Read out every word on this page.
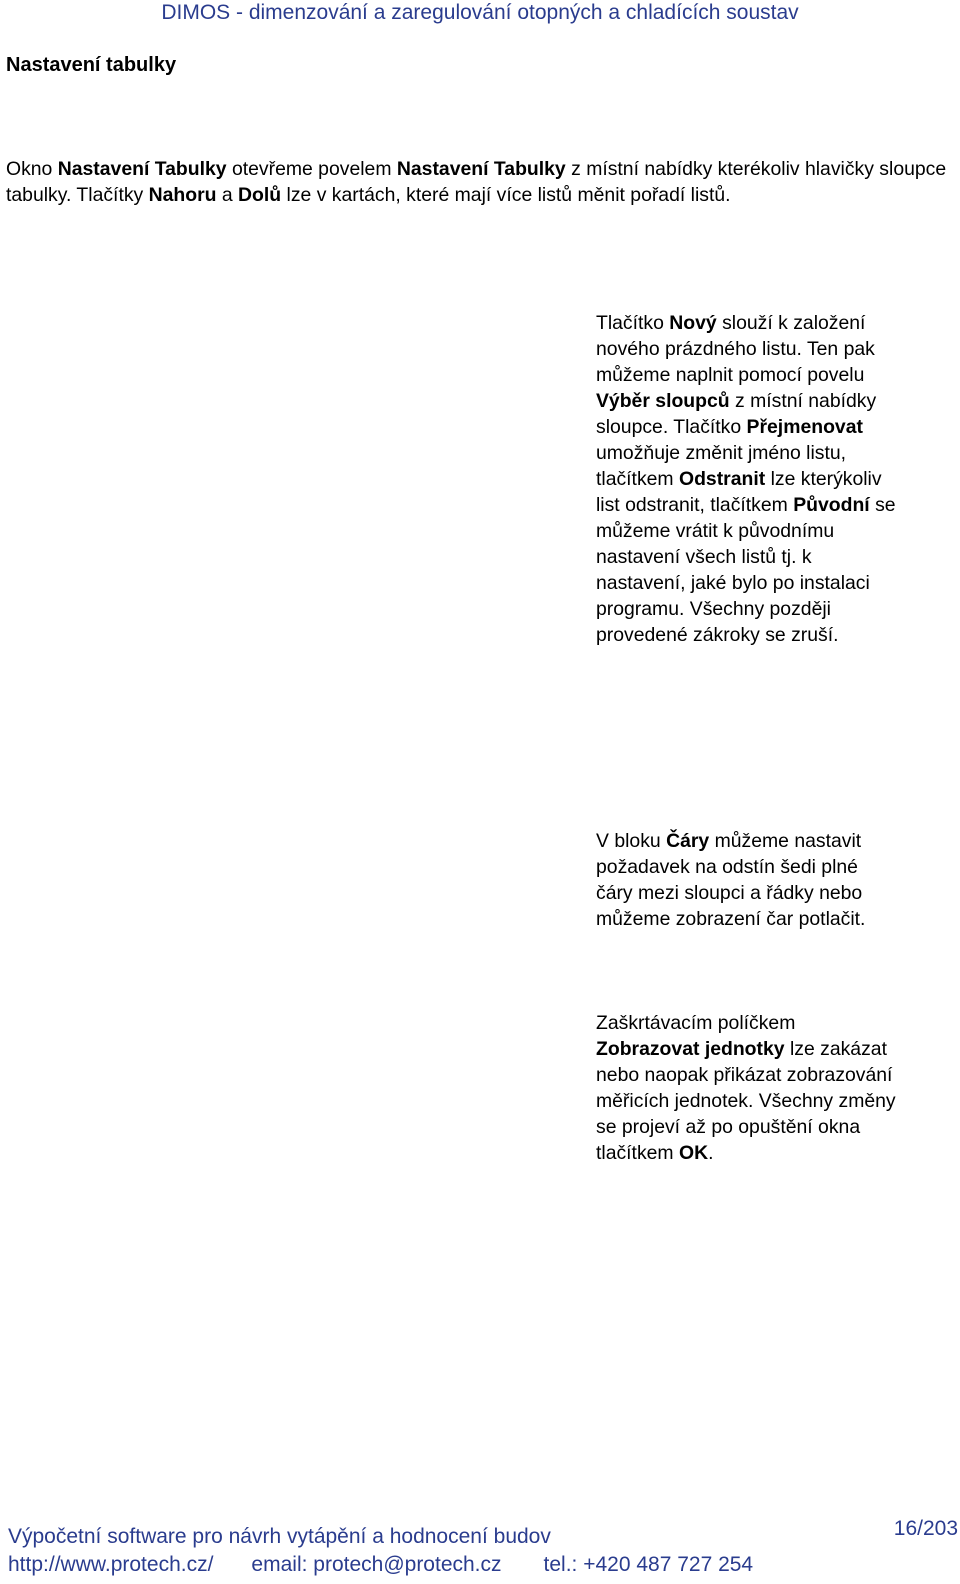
DIMOS - dimenzování a zaregulování otopných a chladících soustav
Nastavení tabulky
Okno Nastavení Tabulky otevřeme povelem Nastavení Tabulky z místní nabídky kterékoliv hlavičky sloupce tabulky. Tlačítky Nahoru a Dolů lze v kartách, které mají více listů měnit pořadí listů.
Tlačítko Nový slouží k založení nového prázdného listu. Ten pak můžeme naplnit pomocí povelu Výběr sloupců z místní nabídky sloupce. Tlačítko Přejmenovat umožňuje změnit jméno listu, tlačítkem Odstranit lze kterýkoliv list odstranit, tlačítkem Původní se můžeme vrátit k původnímu nastavení všech listů tj. k nastavení, jaké bylo po instalaci programu. Všechny později provedené zákroky se zruší.
V bloku Čáry můžeme nastavit požadavek na odstín šedi plné čáry mezi sloupci a řádky nebo můžeme zobrazení čar potlačit.
Zaškrtávacím políčkem Zobrazovat jednotky lze zakázat nebo naopak přikázat zobrazování měřicích jednotek. Všechny změny se projeví až po opuštění okna tlačítkem OK.
Výpočetní software pro návrh vytápění a hodnocení budov	16/203
http://www.protech.cz/ email: protech@protech.cz tel.: +420 487 727 254
